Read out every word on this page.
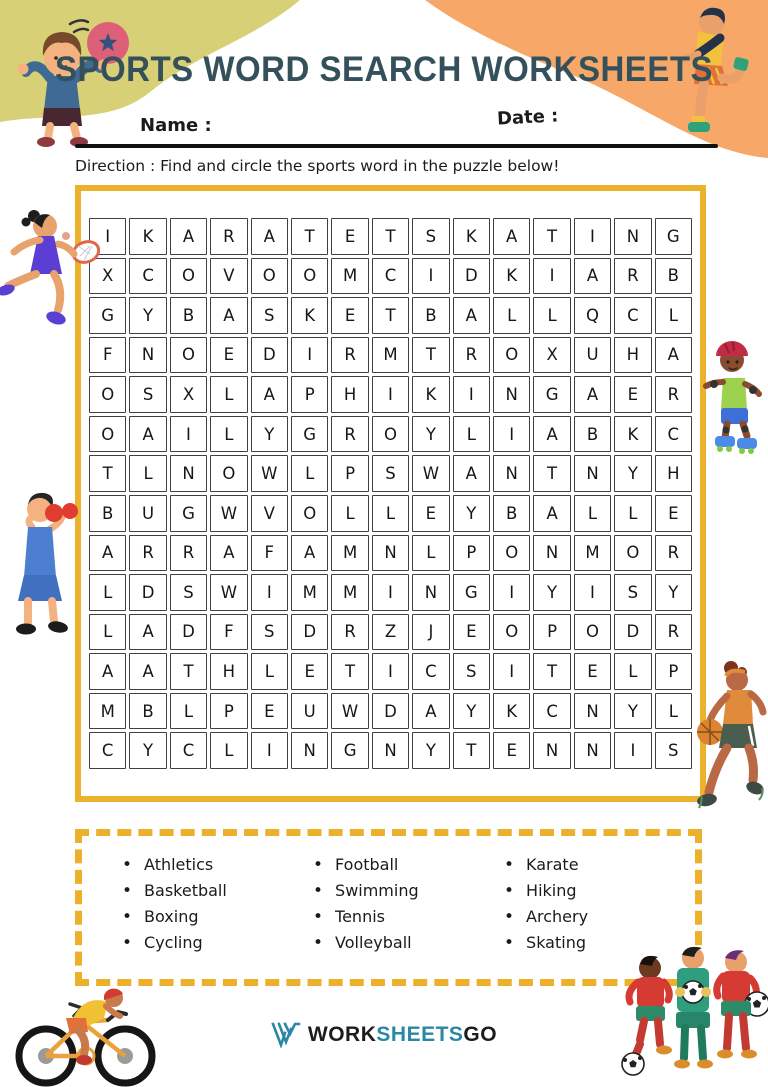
SPORTS WORD SEARCH WORKSHEETS
Name :	Date :
Direction : Find and circle the sports word in the puzzle below!
I	K	A	R	A	T	E	T	S	K	A	T	I	N	G
X	C	O	V	O	O	M	C	I	D	K	I	A	R	B
G	Y	B	A	S	K	E	T	B	A	L	L	Q	C	L
F	N	O	E	D	I	R	M	T	R	O	X	U	H	A
O	S	X	L	A	P	H	I	K	I	N	G	A	E	R
O	A	I	L	Y	G	R	O	Y	L	I	A	B	K	C
T	L	N	O	W	L	P	S	W	A	N	T	N	Y	H
B	U	G	W	V	O	L	L	E	Y	B	A	L	L	E
A	R	R	A	F	A	M	N	L	P	O	N	M	O	R
L	D	S	W	I	M	M	I	N	G	I	Y	I	S	Y
L	A	D	F	S	D	R	Z	J	E	O	P	O	D	R
A	A	T	H	L	E	T	I	C	S	I	T	E	L	P
M	B	L	P	E	U	W	D	A	Y	K	C	N	Y	L
C	Y	C	L	I	N	G	N	Y	T	E	N	N	I	S
• Athletics
• Basketball
• Boxing
• Cycling
• Football
• Swimming
• Tennis
• Volleyball
• Karate
• Hiking
• Archery
• Skating
WORKSHEETSGO
